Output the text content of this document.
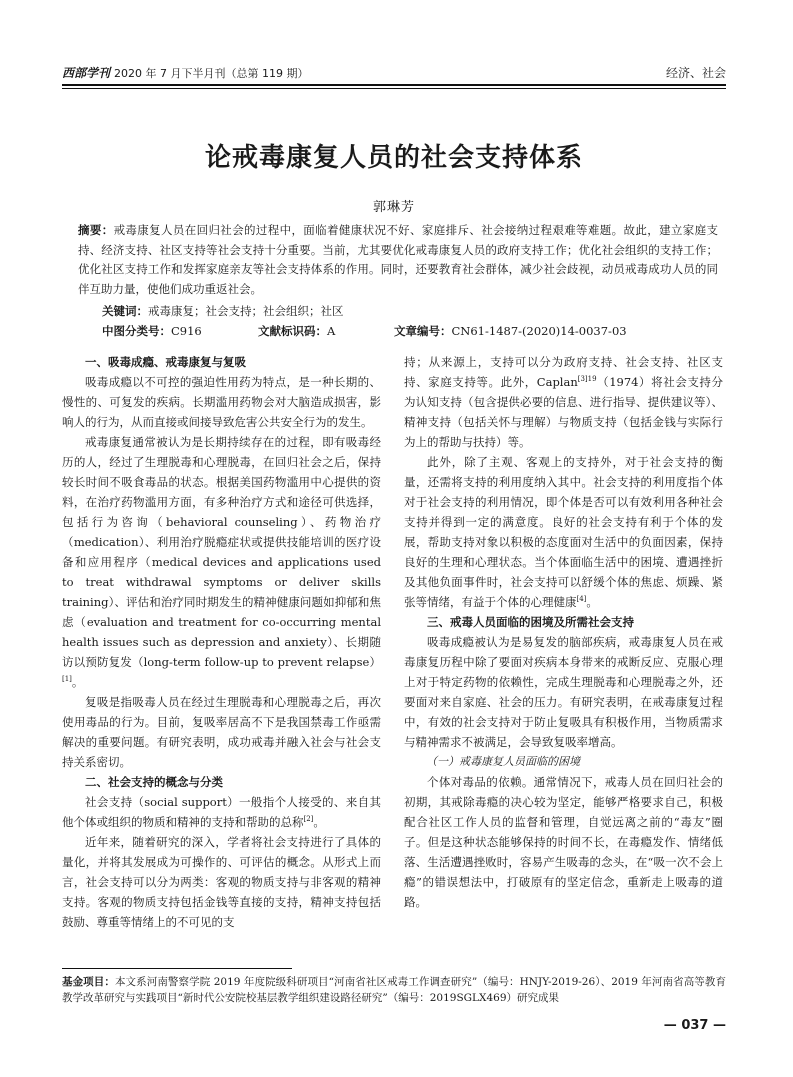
西部学刊 2020 年 7 月下半月刊（总第 119 期）	经济、社会
论戒毒康复人员的社会支持体系
郭琳芳
摘要：戒毒康复人员在回归社会的过程中，面临着健康状况不好、家庭排斥、社会接纳过程艰难等难题。故此，建立家庭支持、经济支持、社区支持等社会支持十分重要。当前，尤其要优化戒毒康复人员的政府支持工作；优化社会组织的支持工作；优化社区支持工作和发挥家庭亲友等社会支持体系的作用。同时，还要教育社会群体，减少社会歧视，动员戒毒成功人员的同伴互助力量，使他们成功重返社会。
关键词：戒毒康复；社会支持；社会组织；社区
中图分类号：C916	文献标识码：A	文章编号：CN61-1487-(2020)14-0037-03
一、吸毒成瘾、戒毒康复与复吸

吸毒成瘾以不可控的强迫性用药为特点，是一种长期的、慢性的、可复发的疾病。长期滥用药物会对大脑造成损害，影响人的行为，从而直接或间接导致危害公共安全行为的发生。

戒毒康复通常被认为是长期持续存在的过程，即有吸毒经历的人，经过了生理脱毒和心理脱毒，在回归社会之后，保持较长时间不吸食毒品的状态。根据美国药物滥用中心提供的资料，在治疗药物滥用方面，有多种治疗方式和途径可供选择，包括行为咨询（behavioral counseling）、药物治疗（medication）、利用治疗脱瘾症状或提供技能培训的医疗设备和应用程序（medical devices and applications used to treat withdrawal symptoms or deliver skills training）、评估和治疗同时期发生的精神健康问题如抑郁和焦虑（evaluation and treatment for co-occurring mental health issues such as depression and anxiety）、长期随访以预防复发（long-term follow-up to prevent relapse）[1]。

复吸是指吸毒人员在经过生理脱毒和心理脱毒之后，再次使用毒品的行为。目前，复吸率居高不下是我国禁毒工作亟需解决的重要问题。有研究表明，成功戒毒并融入社会与社会支持关系密切。

二、社会支持的概念与分类

社会支持（social support）一般指个人接受的、来自其他个体或组织的物质和精神的支持和帮助的总称[2]。

近年来，随着研究的深入，学者将社会支持进行了具体的量化，并将其发展成为可操作的、可评估的概念。从形式上而言，社会支持可以分为两类：客观的物质支持与非客观的精神支持。客观的物质支持包括金钱等直接的支持，精神支持包括鼓励、尊重等情绪上的不可见的支

持；从来源上，支持可以分为政府支持、社会支持、社区支持、家庭支持等。此外，Caplan$^{[3]19}$（1974）将社会支持分为认知支持（包含提供必要的信息、进行指导、提供建议等）、精神支持（包括关怀与理解）与物质支持（包括金钱与实际行为上的帮助与扶持）等。

此外，除了主观、客观上的支持外，对于社会支持的衡量，还需将支持的利用度纳入其中。社会支持的利用度指个体对于社会支持的利用情况，即个体是否可以有效利用各种社会支持并得到一定的满意度。良好的社会支持有利于个体的发展，帮助支持对象以积极的态度面对生活中的负面因素，保持良好的生理和心理状态。当个体面临生活中的困境、遭遇挫折及其他负面事件时，社会支持可以舒缓个体的焦虑、烦躁、紧张等情绪，有益于个体的心理健康[4]。

三、戒毒人员面临的困境及所需社会支持

吸毒成瘾被认为是易复发的脑部疾病，戒毒康复人员在戒毒康复历程中除了要面对疾病本身带来的戒断反应、克服心理上对于特定药物的依赖性，完成生理脱毒和心理脱毒之外，还要面对来自家庭、社会的压力。有研究表明，在戒毒康复过程中，有效的社会支持对于防止复吸具有积极作用，当物质需求与精神需求不被满足，会导致复吸率增高。

（一）戒毒康复人员面临的困境

个体对毒品的依赖。通常情况下，戒毒人员在回归社会的初期，其戒除毒瘾的决心较为坚定，能够严格要求自己，积极配合社区工作人员的监督和管理，自觉远离之前的“毒友”圈子。但是这种状态能够保持的时间不长，在毒瘾发作、情绪低落、生活遭遇挫败时，容易产生吸毒的念头，在“吸一次不会上瘾”的错误想法中，打破原有的坚定信念，重新走上吸毒的道路。

基金项目：本文系河南警察学院 2019 年度院级科研项目“河南省社区戒毒工作调查研究”（编号：HNJY-2019-26）、2019 年河南省高等教育教学改革研究与实践项目“新时代公安院校基层教学组织建设路径研究”（编号：2019SGLX469）研究成果
— 037 —
